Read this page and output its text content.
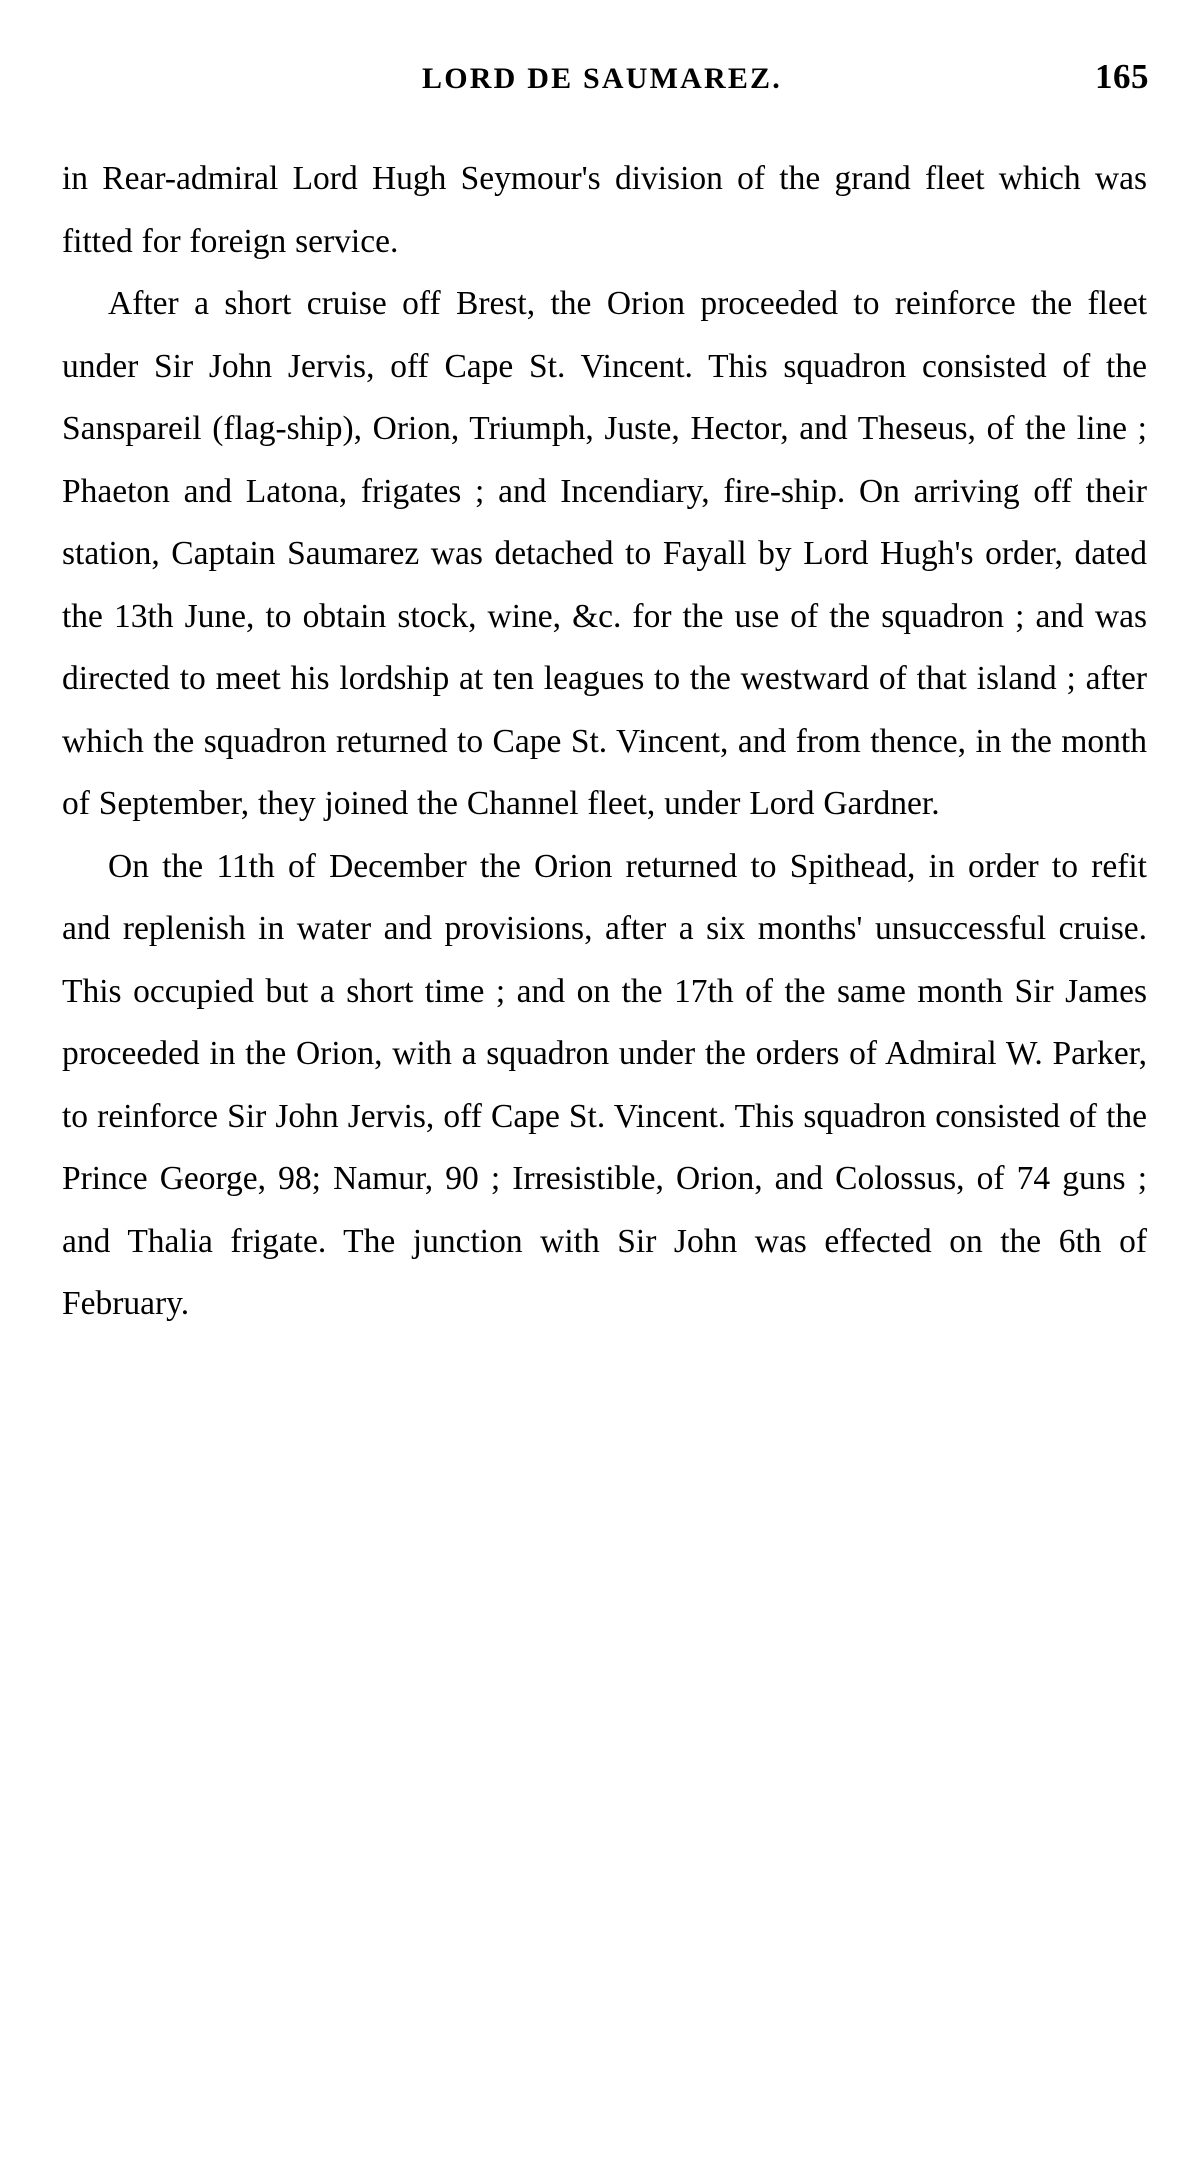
LORD DE SAUMAREZ.	165

in Rear-admiral Lord Hugh Seymour's division of the grand fleet which was fitted for foreign service.

After a short cruise off Brest, the Orion proceeded to reinforce the fleet under Sir John Jervis, off Cape St. Vincent. This squadron consisted of the Sanspareil (flag-ship), Orion, Triumph, Juste, Hector, and Theseus, of the line ; Phaeton and Latona, frigates ; and Incendiary, fire-ship. On arriving off their station, Captain Saumarez was detached to Fayall by Lord Hugh's order, dated the 13th June, to obtain stock, wine, &c. for the use of the squadron ; and was directed to meet his lordship at ten leagues to the westward of that island ; after which the squadron returned to Cape St. Vincent, and from thence, in the month of September, they joined the Channel fleet, under Lord Gardner.

On the 11th of December the Orion returned to Spithead, in order to refit and replenish in water and provisions, after a six months' unsuccessful cruise. This occupied but a short time ; and on the 17th of the same month Sir James proceeded in the Orion, with a squadron under the orders of Admiral W. Parker, to reinforce Sir John Jervis, off Cape St. Vincent. This squadron consisted of the Prince George, 98; Namur, 90 ; Irresistible, Orion, and Colossus, of 74 guns ; and Thalia frigate. The junction with Sir John was effected on the 6th of February.
